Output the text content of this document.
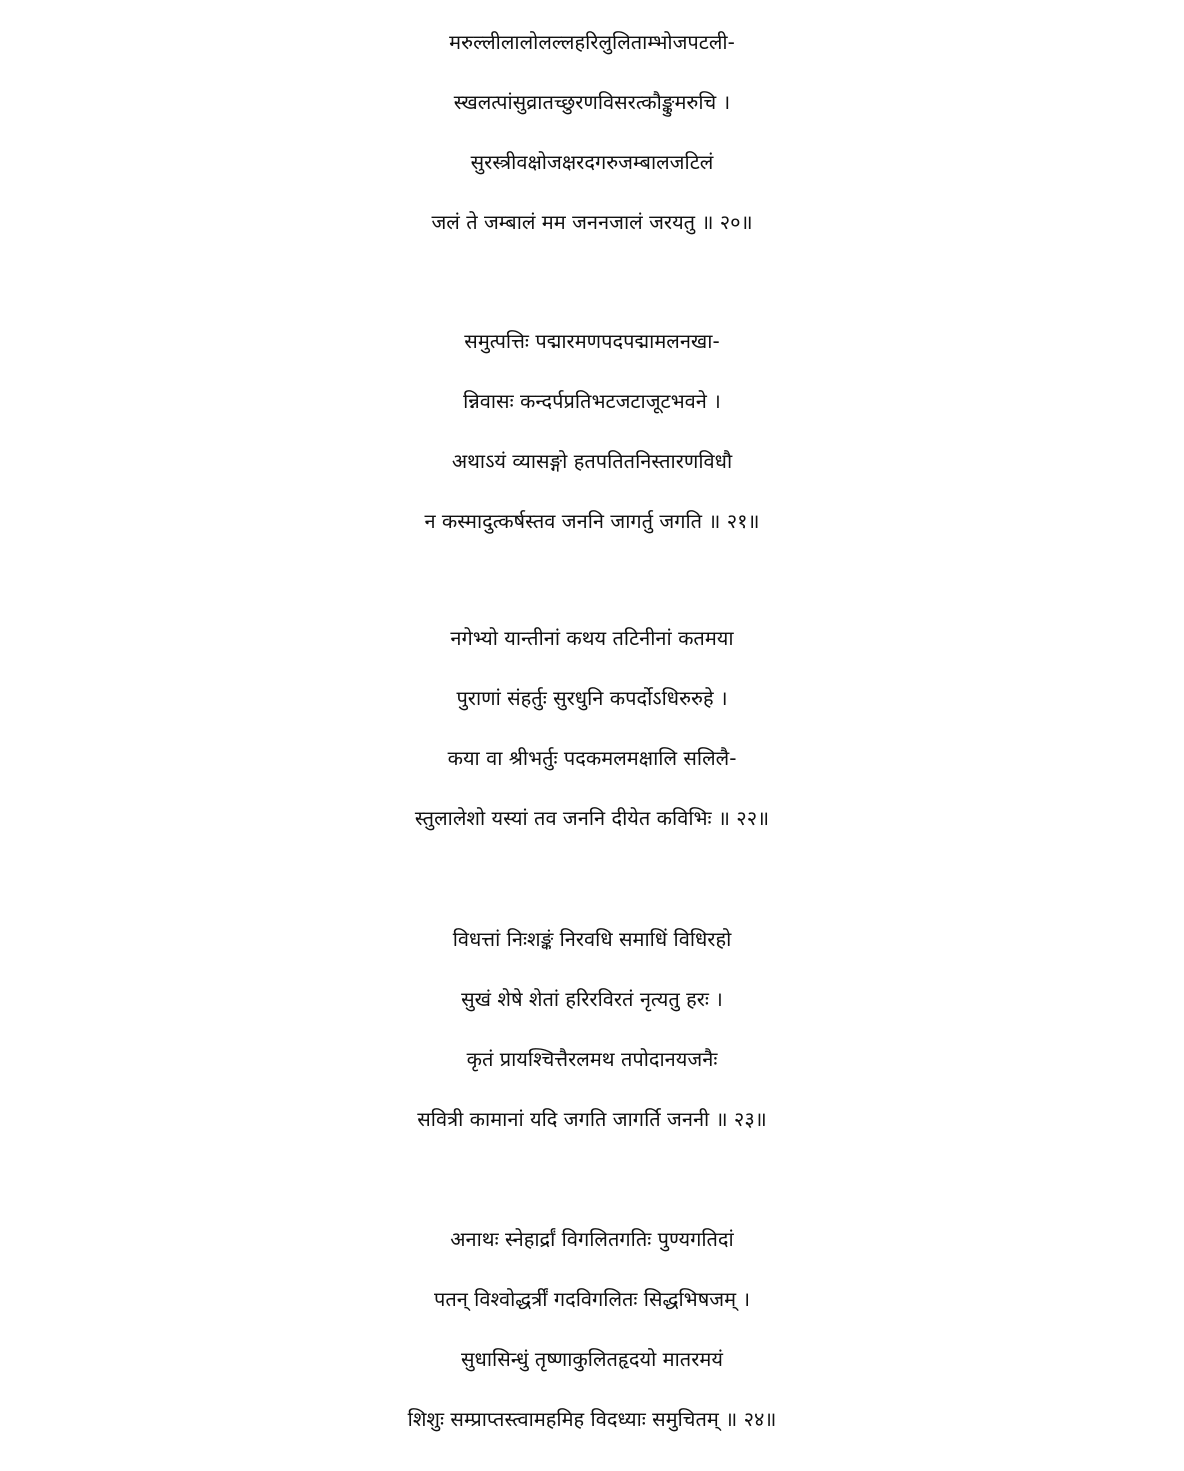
मरुल्लीलालोलल्लहरिलुलिताम्भोजपटली-
स्खलत्पांसुव्रातच्छुरणविसरत्कौङ्कुमरुचि ।
सुरस्त्रीवक्षोजक्षरदगरुजम्बालजटिलं
जलं ते जम्बालं मम जननजालं जरयतु ॥ २०॥
समुत्पत्तिः पद्मारमणपदपद्मामलनखा-
न्निवासः कन्दर्पप्रतिभटजटाजूटभवने ।
अथाऽयं व्यासङ्गो हतपतितनिस्तारणविधौ
न कस्मादुत्कर्षस्तव जननि जागर्तु जगति ॥ २१॥
नगेभ्यो यान्तीनां कथय तटिनीनां कतमया
पुराणां संहर्तुः सुरधुनि कपर्दोऽधिरुरुहे ।
कया वा श्रीभर्तुः पदकमलमक्षालि सलिलै-
स्तुलालेशो यस्यां तव जननि दीयेत कविभिः ॥ २२॥
विधत्तां निःशङ्कं निरवधि समाधिं विधिरहो
सुखं शेषे शेतां हरिरविरतं नृत्यतु हरः ।
कृतं प्रायश्चित्तैरलमथ तपोदानयजनैः
सवित्री कामानां यदि जगति जागर्ति जननी ॥ २३॥
अनाथः स्नेहार्द्रां विगलितगतिः पुण्यगतिदां
पतन् विश्वोद्धर्त्रीं गदविगलितः सिद्धभिषजम् ।
सुधासिन्धुं तृष्णाकुलितहृदयो मातरमयं
शिशुः सम्प्राप्तस्त्वामहमिह विदध्याः समुचितम् ॥ २४॥
